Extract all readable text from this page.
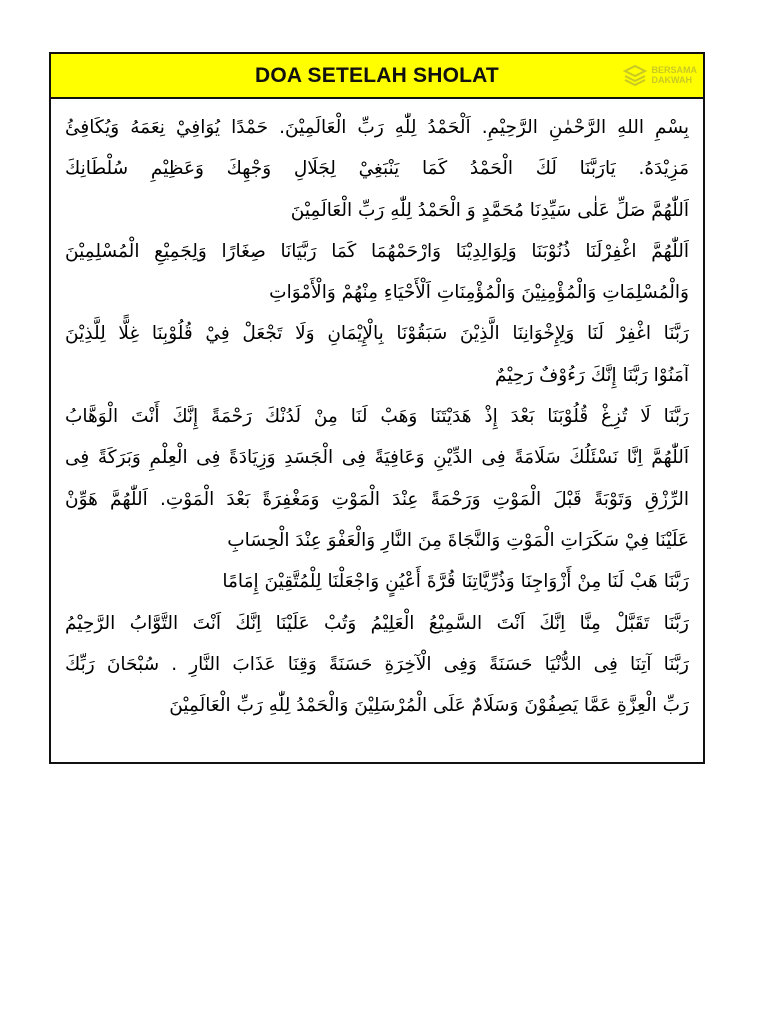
DOA SETELAH SHOLAT	BERSAMA
DAKWAH
بِسْمِ اللهِ الرَّحْمٰنِ الرَّحِيْمِ. اَلْحَمْدُ لِلّٰهِ رَبِّ الْعَالَمِيْنَ. حَمْدًا يُوَافِيْ نِعَمَهُ وَيُكَافِئُ
مَزِيْدَهُ. يَارَبَّنَا لَكَ الْحَمْدُ كَمَا يَنْبَغِيْ لِجَلَالِ وَجْهِكَ وَعَظِيْمِ سُلْطَانِكَ
اَللّٰهُمَّ صَلِّ عَلٰى سَيِّدِنَا مُحَمَّدٍ وَ الْحَمْدُ لِلّٰهِ رَبِّ الْعَالَمِيْنَ
اَللّٰهُمَّ اغْفِرْلَنَا ذُنُوْبَنَا وَلِوَالِدِيْنَا وَارْحَمْهُمَا كَمَا رَبَّيَانَا صِغَارًا وَلِجَمِيْعِ الْمُسْلِمِيْنَ
وَالْمُسْلِمَاتِ وَالْمُؤْمِنِيْنَ وَالْمُؤْمِنَاتِ اَلْأَحْيَاءِ مِنْهُمْ وَالْأَمْوَاتِ
رَبَّنَا اغْفِرْ لَنَا وَلِإِخْوَانِنَا الَّذِيْنَ سَبَقُوْنَا بِالْإِيْمَانِ وَلَا تَجْعَلْ فِيْ قُلُوْبِنَا غِلًّا لِلَّذِيْنَ
آمَنُوْا رَبَّنَا إِنَّكَ رَءُوْفٌ رَحِيْمٌ
رَبَّنَا لَا تُزِغْ قُلُوْبَنَا بَعْدَ إِذْ هَدَيْتَنَا وَهَبْ لَنَا مِنْ لَدُنْكَ رَحْمَةً إِنَّكَ أَنْتَ الْوَهَّابُ
اَللّٰهُمَّ اِنَّا نَسْئَلُكَ سَلَامَةً فِى الدِّيْنِ وَعَافِيَةً فِى الْجَسَدِ وَزِيَادَةً فِى الْعِلْمِ وَبَرَكَةً فِى
الرِّزْقِ وَتَوْبَةً قَبْلَ الْمَوْتِ وَرَحْمَةً عِنْدَ الْمَوْتِ وَمَغْفِرَةً بَعْدَ الْمَوْتِ. اَللّٰهُمَّ هَوِّنْ
عَلَيْنَا فِيْ سَكَرَاتِ الْمَوْتِ وَالنَّجَاةَ مِنَ النَّارِ وَالْعَفْوَ عِنْدَ الْحِسَابِ
رَبَّنَا هَبْ لَنَا مِنْ أَزْوَاجِنَا وَذُرِّيَّاتِنَا قُرَّةَ أَعْيُنٍ وَاجْعَلْنَا لِلْمُتَّقِيْنَ إِمَامًا
رَبَّنَا تَقَبَّلْ مِنَّا اِنَّكَ اَنْتَ السَّمِيْعُ الْعَلِيْمُ وَتُبْ عَلَيْنَا اِنَّكَ اَنْتَ التَّوَّابُ الرَّحِيْمُ
رَبَّنَا آتِنَا فِى الدُّنْيَا حَسَنَةً وَفِى الْآخِرَةِ حَسَنَةً وَقِنَا عَذَابَ النَّارِ . سُبْحَانَ رَبِّكَ
رَبِّ الْعِزَّةِ عَمَّا يَصِفُوْنَ وَسَلَامٌ عَلَى الْمُرْسَلِيْنَ وَالْحَمْدُ لِلّٰهِ رَبِّ الْعَالَمِيْنَ
